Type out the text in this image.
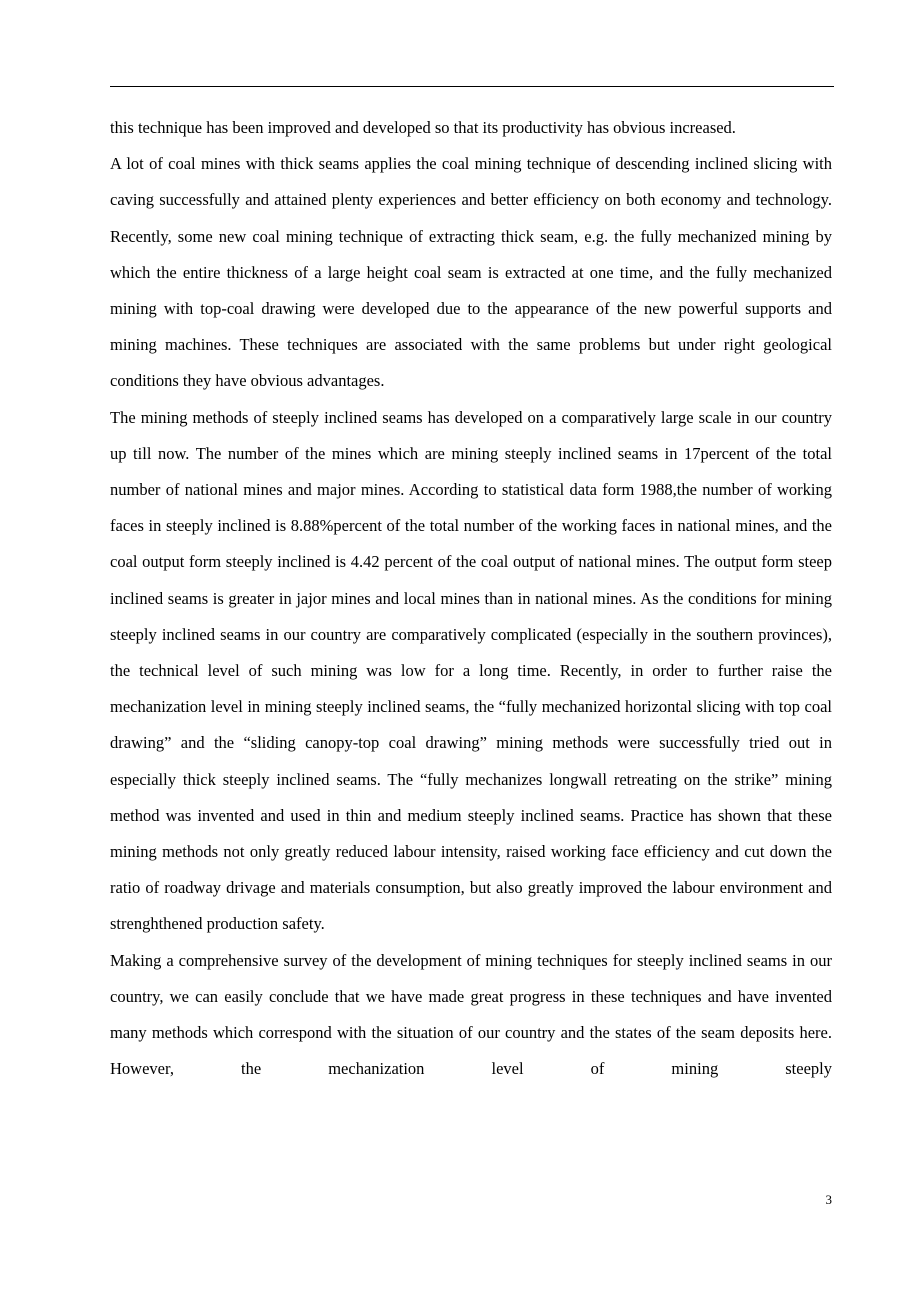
this technique has been improved and developed so that its productivity has obvious increased.

A lot of coal mines with thick seams applies the coal mining technique of descending inclined slicing with caving successfully and attained plenty experiences and better efficiency on both economy and technology. Recently, some new coal mining technique of extracting thick seam, e.g. the fully mechanized mining by which the entire thickness of a large height coal seam is extracted at one time, and the fully mechanized mining with top-coal drawing were developed due to the appearance of the new powerful supports and mining machines. These techniques are associated with the same problems but under right geological conditions they have obvious advantages.

The mining methods of steeply inclined seams has developed on a comparatively large scale in our country up till now. The number of the mines which are mining steeply inclined seams in 17percent of the total number of national mines and major mines. According to statistical data form 1988,the number of working faces in steeply inclined is 8.88%percent of the total number of the working faces in national mines, and the coal output form steeply inclined is 4.42 percent of the coal output of national mines. The output form steep inclined seams is greater in jajor mines and local mines than in national mines. As the conditions for mining steeply inclined seams in our country are comparatively complicated (especially in the southern provinces), the technical level of such mining was low for a long time. Recently, in order to further raise the mechanization level in mining steeply inclined seams, the “fully mechanized horizontal slicing with top coal drawing” and the “sliding canopy-top coal drawing” mining methods were successfully tried out in especially thick steeply inclined seams. The “fully mechanizes longwall retreating on the strike” mining method was invented and used in thin and medium steeply inclined seams. Practice has shown that these mining methods not only greatly reduced labour intensity, raised working face efficiency and cut down the ratio of roadway drivage and materials consumption, but also greatly improved the labour environment and strenghthened production safety.

Making a comprehensive survey of the development of mining techniques for steeply inclined seams in our country, we can easily conclude that we have made great progress in these techniques and have invented many methods which correspond with the situation of our country and the states of the seam deposits here. However, the mechanization level of mining steeply

3
